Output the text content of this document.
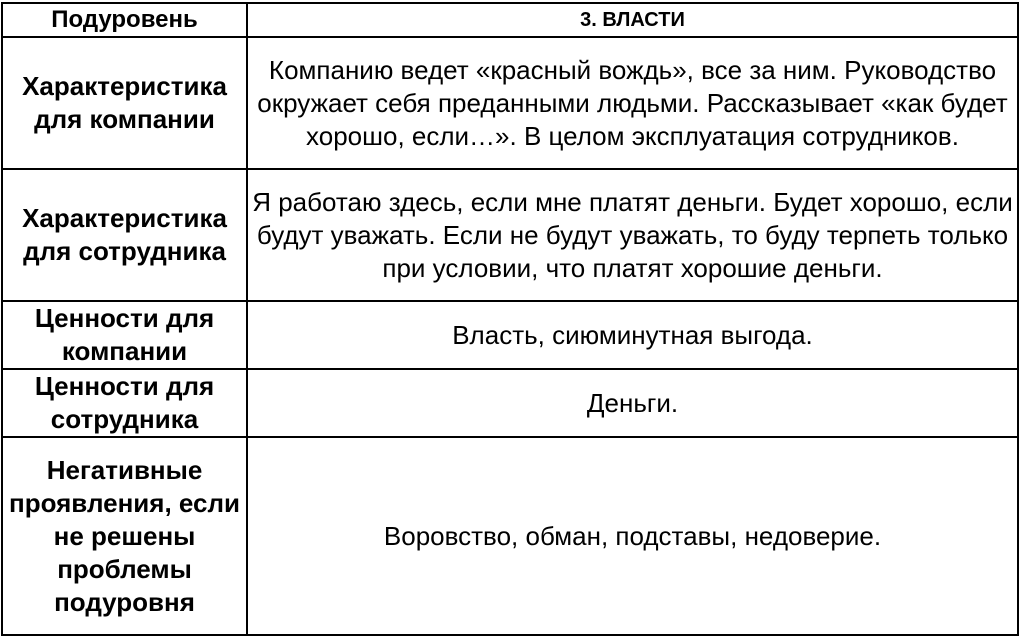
Подуровень	3. ВЛАСТИ
Характеристика для компании	Компанию ведет «красный вождь», все за ним. Руководство окружает себя преданными людьми. Рассказывает «как будет хорошо, если…». В целом эксплуатация сотрудников.
Характеристика для сотрудника	Я работаю здесь, если мне платят деньги. Будет хорошо, если будут уважать. Если не будут уважать, то буду терпеть только при условии, что платят хорошие деньги.
Ценности для компании	Власть, сиюминутная выгода.
Ценности для сотрудника	Деньги.
Негативные проявления, если не решены проблемы подуровня	Воровство, обман, подставы, недоверие.
